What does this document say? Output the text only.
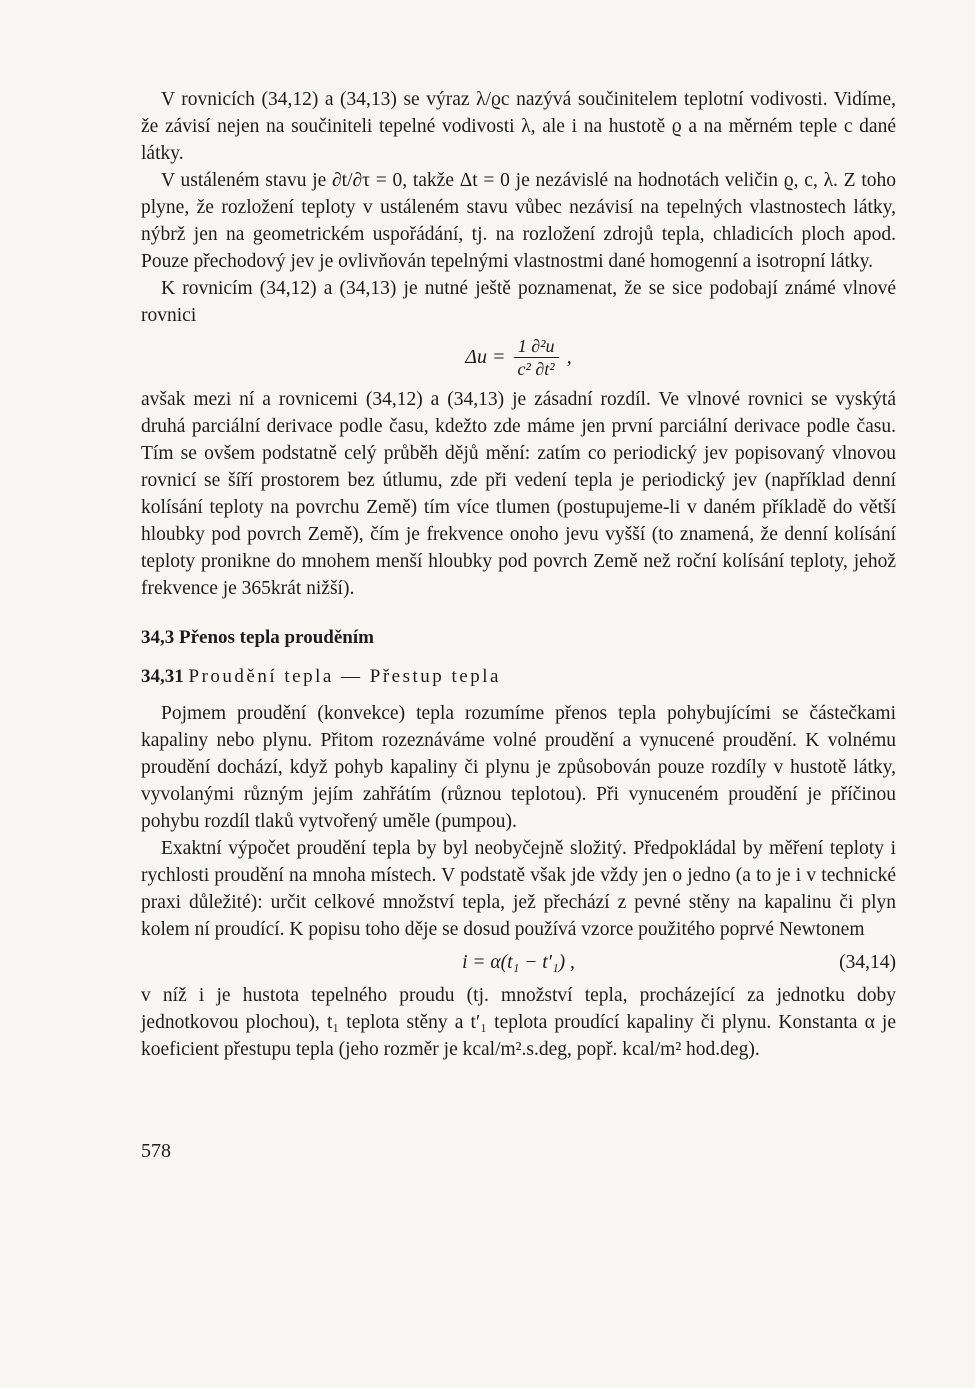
V rovnicích (34,12) a (34,13) se výraz λ/ϱc nazývá součinitelem teplotní vodivosti. Vidíme, že závisí nejen na součiniteli tepelné vodivosti λ, ale i na hustotě ϱ a na měrném teple c dané látky.

V ustáleném stavu je ∂t/∂τ = 0, takže Δt = 0 je nezávislé na hodnotách veličin ϱ, c, λ. Z toho plyne, že rozložení teploty v ustáleném stavu vůbec nezávisí na tepelných vlastnostech látky, nýbrž jen na geometrickém uspořádání, tj. na rozložení zdrojů tepla, chladicích ploch apod. Pouze přechodový jev je ovlivňován tepelnými vlastnostmi dané homogenní a isotropní látky.

K rovnicím (34,12) a (34,13) je nutné ještě poznamenat, že se sice podobají známé vlnové rovnici

$\Delta u = \frac{\text{1 ∂²u}}{\text{c² ∂t²}}$ ,

avšak mezi ní a rovnicemi (34,12) a (34,13) je zásadní rozdíl. Ve vlnové rovnici se vyskýtá druhá parciální derivace podle času, kdežto zde máme jen první parciální derivace podle času. Tím se ovšem podstatně celý průběh dějů mění: zatím co periodický jev popisovaný vlnovou rovnicí se šíří prostorem bez útlumu, zde při vedení tepla je periodický jev (například denní kolísání teploty na povrchu Země) tím více tlumen (postupujeme-li v daném příkladě do větší hloubky pod povrch Země), čím je frekvence onoho jevu vyšší (to znamená, že denní kolísání teploty pronikne do mnohem menší hloubky pod povrch Země než roční kolísání teploty, jehož frekvence je 365krát nižší).

34,3 Přenos tepla prouděním

34,31 Proudění tepla — Přestup tepla

Pojmem proudění (konvekce) tepla rozumíme přenos tepla pohybujícími se částečkami kapaliny nebo plynu. Přitom rozeznáváme volné proudění a vynucené proudění. K volnému proudění dochází, když pohyb kapaliny či plynu je způsobován pouze rozdíly v hustotě látky, vyvolanými různým jejím zahřátím (různou teplotou). Při vynuceném proudění je příčinou pohybu rozdíl tlaků vytvořený uměle (pumpou).

Exaktní výpočet proudění tepla by byl neobyčejně složitý. Předpokládal by měření teploty i rychlosti proudění na mnoha místech. V podstatě však jde vždy jen o jedno (a to je i v technické praxi důležité): určit celkové množství tepla, jež přechází z pevné stěny na kapalinu či plyn kolem ní proudící. K popisu toho děje se dosud používá vzorce použitého poprvé Newtonem

i = α(t₁ − t′₁) ,	(34,14)

v níž i je hustota tepelného proudu (tj. množství tepla, procházející za jednotku doby jednotkovou plochou), t₁ teplota stěny a t′₁ teplota proudící kapaliny či plynu. Konstanta α je koeficient přestupu tepla (jeho rozměr je kcal/m².s.deg, popř. kcal/m² hod.deg).

578
